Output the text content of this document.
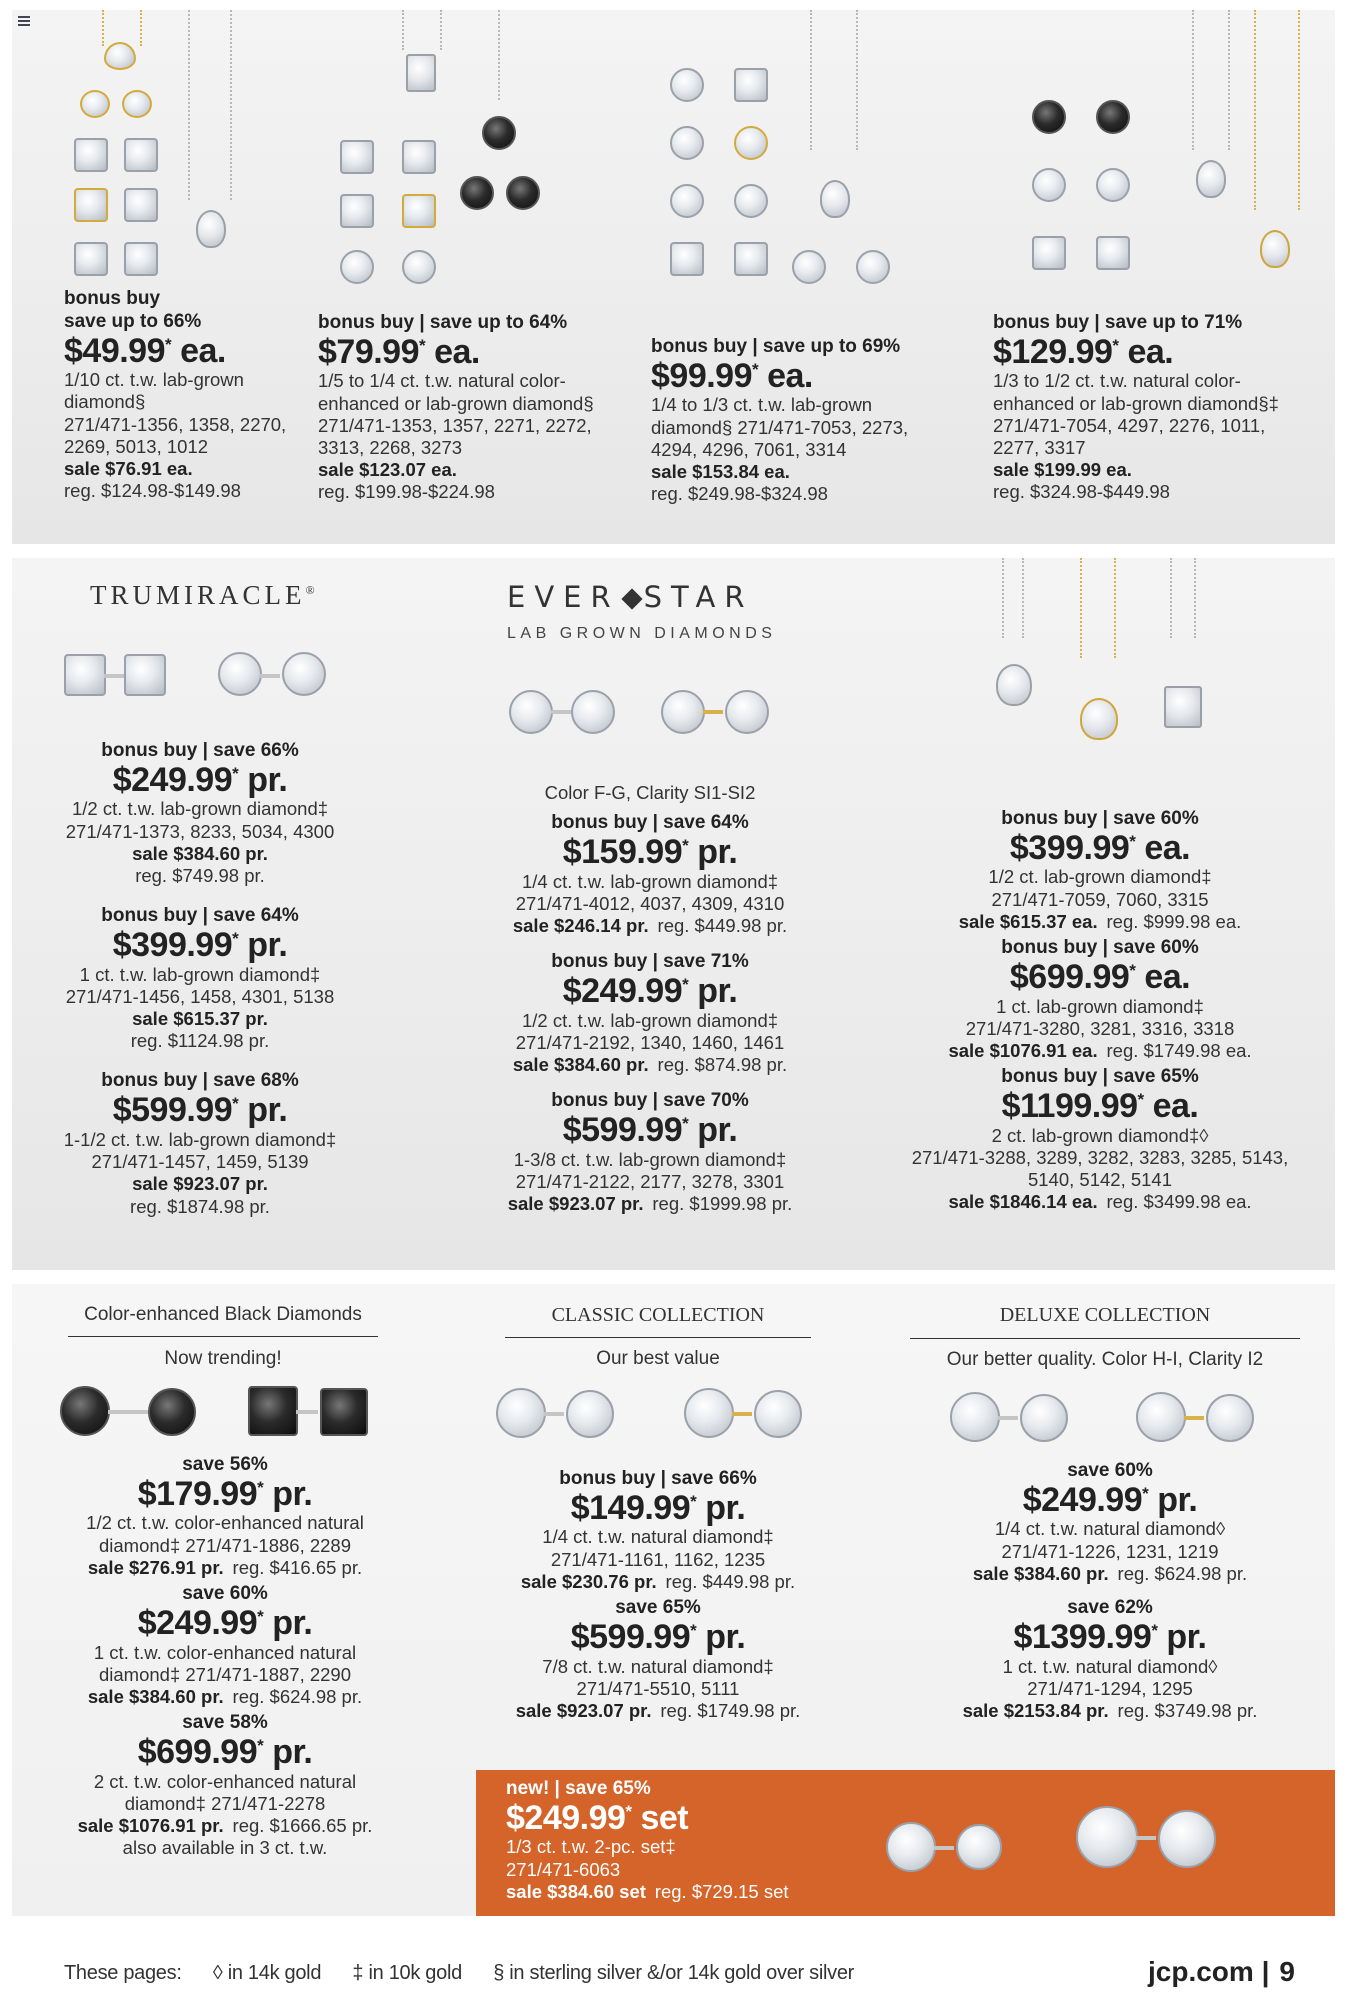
bonus buy
save up to 66%
$49.99* ea.
1/10 ct. t.w. lab-grown diamond§
271/471-1356, 1358, 2270, 2269, 5013, 1012
sale $76.91 ea.
reg. $124.98-$149.98
bonus buy | save up to 64%
$79.99* ea.
1/5 to 1/4 ct. t.w. natural color-enhanced or lab-grown diamond§ 271/471-1353, 1357, 2271, 2272, 3313, 2268, 3273
sale $123.07 ea.
reg. $199.98-$224.98
bonus buy | save up to 69%
$99.99* ea.
1/4 to 1/3 ct. t.w. lab-grown diamond§ 271/471-7053, 2273, 4294, 4296, 7061, 3314
sale $153.84 ea.
reg. $249.98-$324.98
bonus buy | save up to 71%
$129.99* ea.
1/3 to 1/2 ct. t.w. natural color-enhanced or lab-grown diamond§‡ 271/471-7054, 4297, 2276, 1011, 2277, 3317
sale $199.99 ea.
reg. $324.98-$449.98
TRUMIRACLE®	EVER STAR
LAB GROWN DIAMONDS
bonus buy | save 66%
$249.99* pr.
1/2 ct. t.w. lab-grown diamond‡
271/471-1373, 8233, 5034, 4300
sale $384.60 pr.
reg. $749.98 pr.
bonus buy | save 64%
$399.99* pr.
1 ct. t.w. lab-grown diamond‡
271/471-1456, 1458, 4301, 5138
sale $615.37 pr.
reg. $1124.98 pr.
bonus buy | save 68%
$599.99* pr.
1-1/2 ct. t.w. lab-grown diamond‡
271/471-1457, 1459, 5139
sale $923.07 pr.
reg. $1874.98 pr.
Color F-G, Clarity SI1-SI2
bonus buy | save 64%
$159.99* pr.
1/4 ct. t.w. lab-grown diamond‡
271/471-4012, 4037, 4309, 4310
sale $246.14 pr. reg. $449.98 pr.
bonus buy | save 71%
$249.99* pr.
1/2 ct. t.w. lab-grown diamond‡
271/471-2192, 1340, 1460, 1461
sale $384.60 pr. reg. $874.98 pr.
bonus buy | save 70%
$599.99* pr.
1-3/8 ct. t.w. lab-grown diamond‡
271/471-2122, 2177, 3278, 3301
sale $923.07 pr. reg. $1999.98 pr.
bonus buy | save 60%
$399.99* ea.
1/2 ct. lab-grown diamond‡
271/471-7059, 7060, 3315
sale $615.37 ea. reg. $999.98 ea.
bonus buy | save 60%
$699.99* ea.
1 ct. lab-grown diamond‡
271/471-3280, 3281, 3316, 3318
sale $1076.91 ea. reg. $1749.98 ea.
bonus buy | save 65%
$1199.99* ea.
2 ct. lab-grown diamond‡◊
271/471-3288, 3289, 3282, 3283, 3285, 5143, 5140, 5142, 5141
sale $1846.14 ea. reg. $3499.98 ea.
Color-enhanced Black Diamonds
Now trending!
CLASSIC COLLECTION
Our best value
DELUXE COLLECTION
Our better quality. Color H-I, Clarity I2
save 56%
$179.99* pr.
1/2 ct. t.w. color-enhanced natural diamond‡ 271/471-1886, 2289
sale $276.91 pr. reg. $416.65 pr.
save 60%
$249.99* pr.
1 ct. t.w. color-enhanced natural diamond‡ 271/471-1887, 2290
sale $384.60 pr. reg. $624.98 pr.
save 58%
$699.99* pr.
2 ct. t.w. color-enhanced natural diamond‡ 271/471-2278
sale $1076.91 pr. reg. $1666.65 pr.
also available in 3 ct. t.w.
bonus buy | save 66%
$149.99* pr.
1/4 ct. t.w. natural diamond‡
271/471-1161, 1162, 1235
sale $230.76 pr. reg. $449.98 pr.
save 65%
$599.99* pr.
7/8 ct. t.w. natural diamond‡
271/471-5510, 5111
sale $923.07 pr. reg. $1749.98 pr.
save 60%
$249.99* pr.
1/4 ct. t.w. natural diamond◊
271/471-1226, 1231, 1219
sale $384.60 pr. reg. $624.98 pr.
save 62%
$1399.99* pr.
1 ct. t.w. natural diamond◊
271/471-1294, 1295
sale $2153.84 pr. reg. $3749.98 pr.
new! | save 65%
$249.99* set
1/3 ct. t.w. 2-pc. set‡
271/471-6063
sale $384.60 set reg. $729.15 set
These pages: ◊ in 14k gold ‡ in 10k gold § in sterling silver &/or 14k gold over silver	jcp.com | 9
